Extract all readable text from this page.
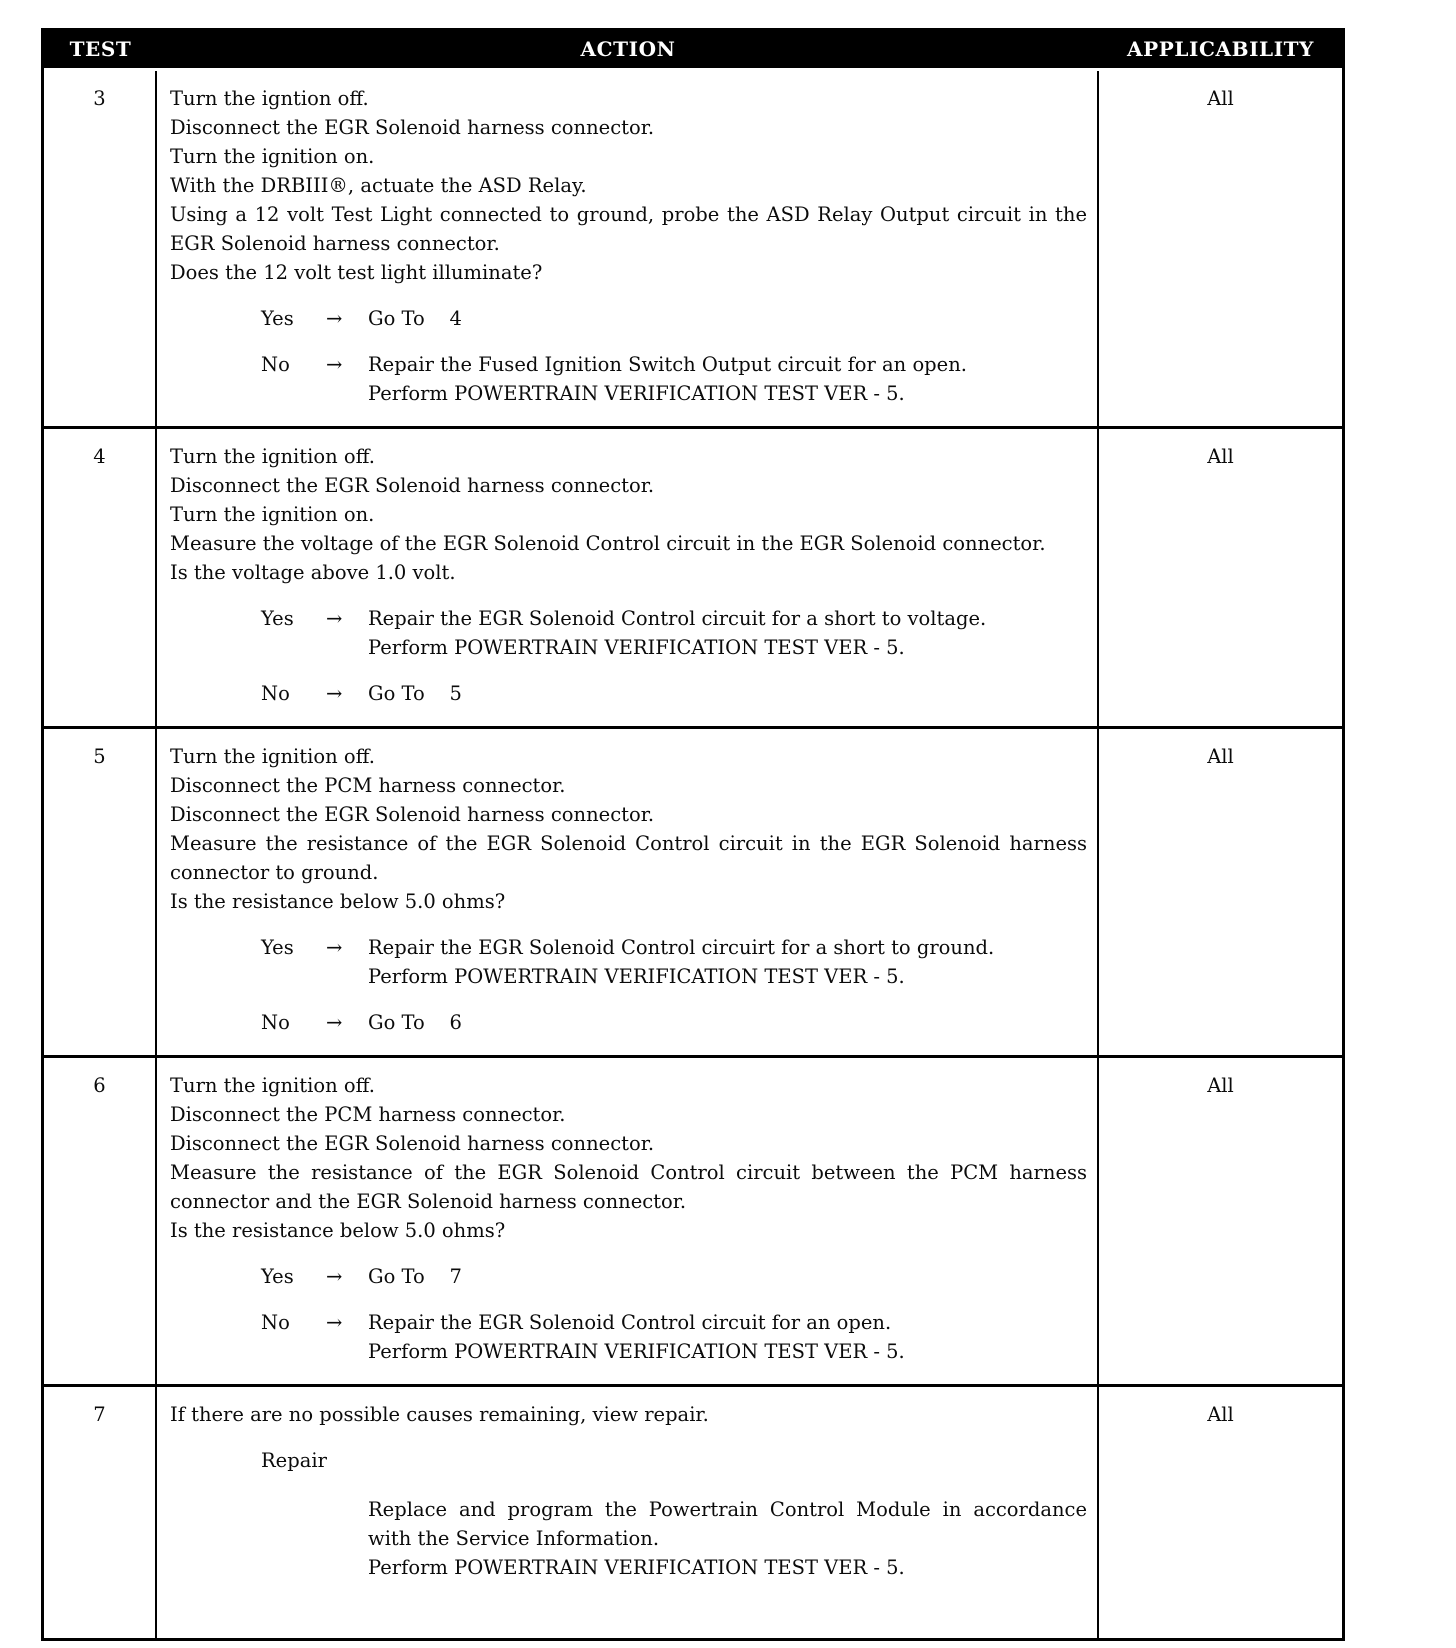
TEST	ACTION	APPLICABILITY
3	Turn the igntion off.

Disconnect the EGR Solenoid harness connector.

Turn the ignition on.

With the DRBIII®, actuate the ASD Relay.

Using a 12 volt Test Light connected to ground, probe the ASD Relay Output circuit in the EGR Solenoid harness connector.

Does the 12 volt test light illuminate?

Yes	→	Go To    4
No	→	Repair the Fused Ignition Switch Output circuit for an open.
Perform POWERTRAIN VERIFICATION TEST VER - 5.
All
4	Turn the ignition off.

Disconnect the EGR Solenoid harness connector.

Turn the ignition on.

Measure the voltage of the EGR Solenoid Control circuit in the EGR Solenoid connector.

Is the voltage above 1.0 volt.

Yes	→	Repair the EGR Solenoid Control circuit for a short to voltage.
Perform POWERTRAIN VERIFICATION TEST VER - 5.
No	→	Go To    5
All
5	Turn the ignition off.

Disconnect the PCM harness connector.

Disconnect the EGR Solenoid harness connector.

Measure the resistance of the EGR Solenoid Control circuit in the EGR Solenoid harness connector to ground.

Is the resistance below 5.0 ohms?

Yes	→	Repair the EGR Solenoid Control circuirt for a short to ground.
Perform POWERTRAIN VERIFICATION TEST VER - 5.
No	→	Go To    6
All
6	Turn the ignition off.

Disconnect the PCM harness connector.

Disconnect the EGR Solenoid harness connector.

Measure the resistance of the EGR Solenoid Control circuit between the PCM harness connector and the EGR Solenoid harness connector.

Is the resistance below 5.0 ohms?

Yes	→	Go To    7
No	→	Repair the EGR Solenoid Control circuit for an open.
Perform POWERTRAIN VERIFICATION TEST VER - 5.
All
7	If there are no possible causes remaining, view repair.

Repair
Replace and program the Powertrain Control Module in accordance with the Service Information.
Perform POWERTRAIN VERIFICATION TEST VER - 5.
All
